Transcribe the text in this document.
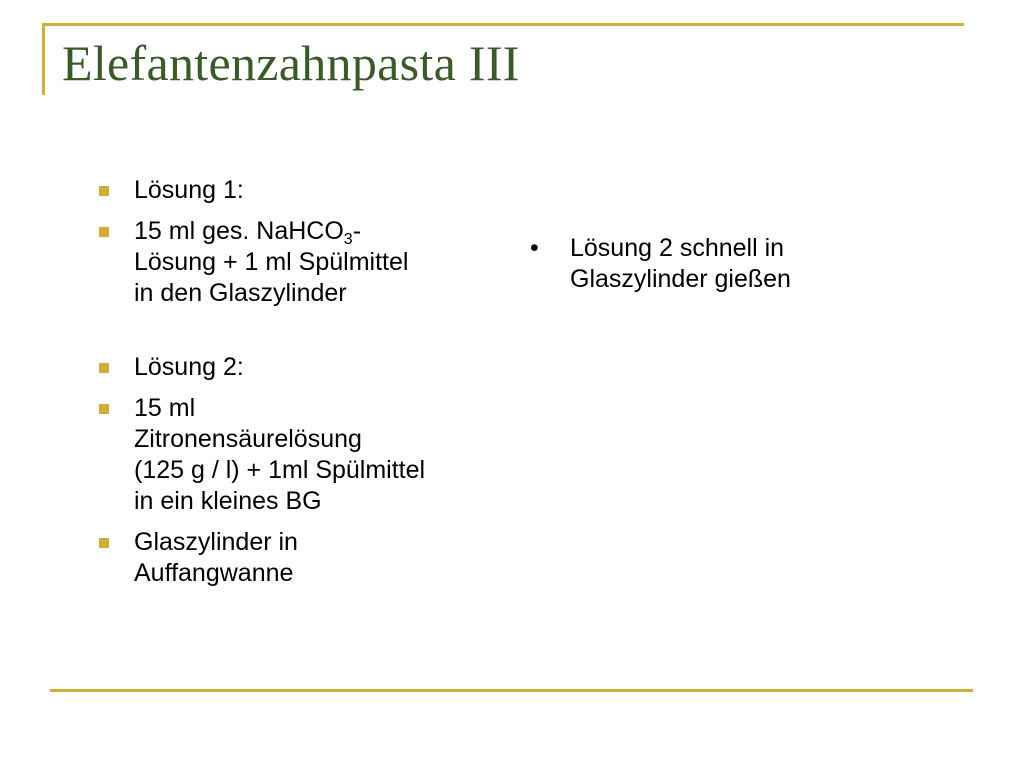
Elefantenzahnpasta III
Lösung 1:
15 ml ges. NaHCO$_3$-
Lösung + 1 ml Spülmittel
in den Glaszylinder
Lösung 2:
15 ml
Zitronensäurelösung
(125 g / l) + 1ml Spülmittel
in ein kleines BG
Glaszylinder in
Auffangwanne
• Lösung 2 schnell in
Glaszylinder gießen
